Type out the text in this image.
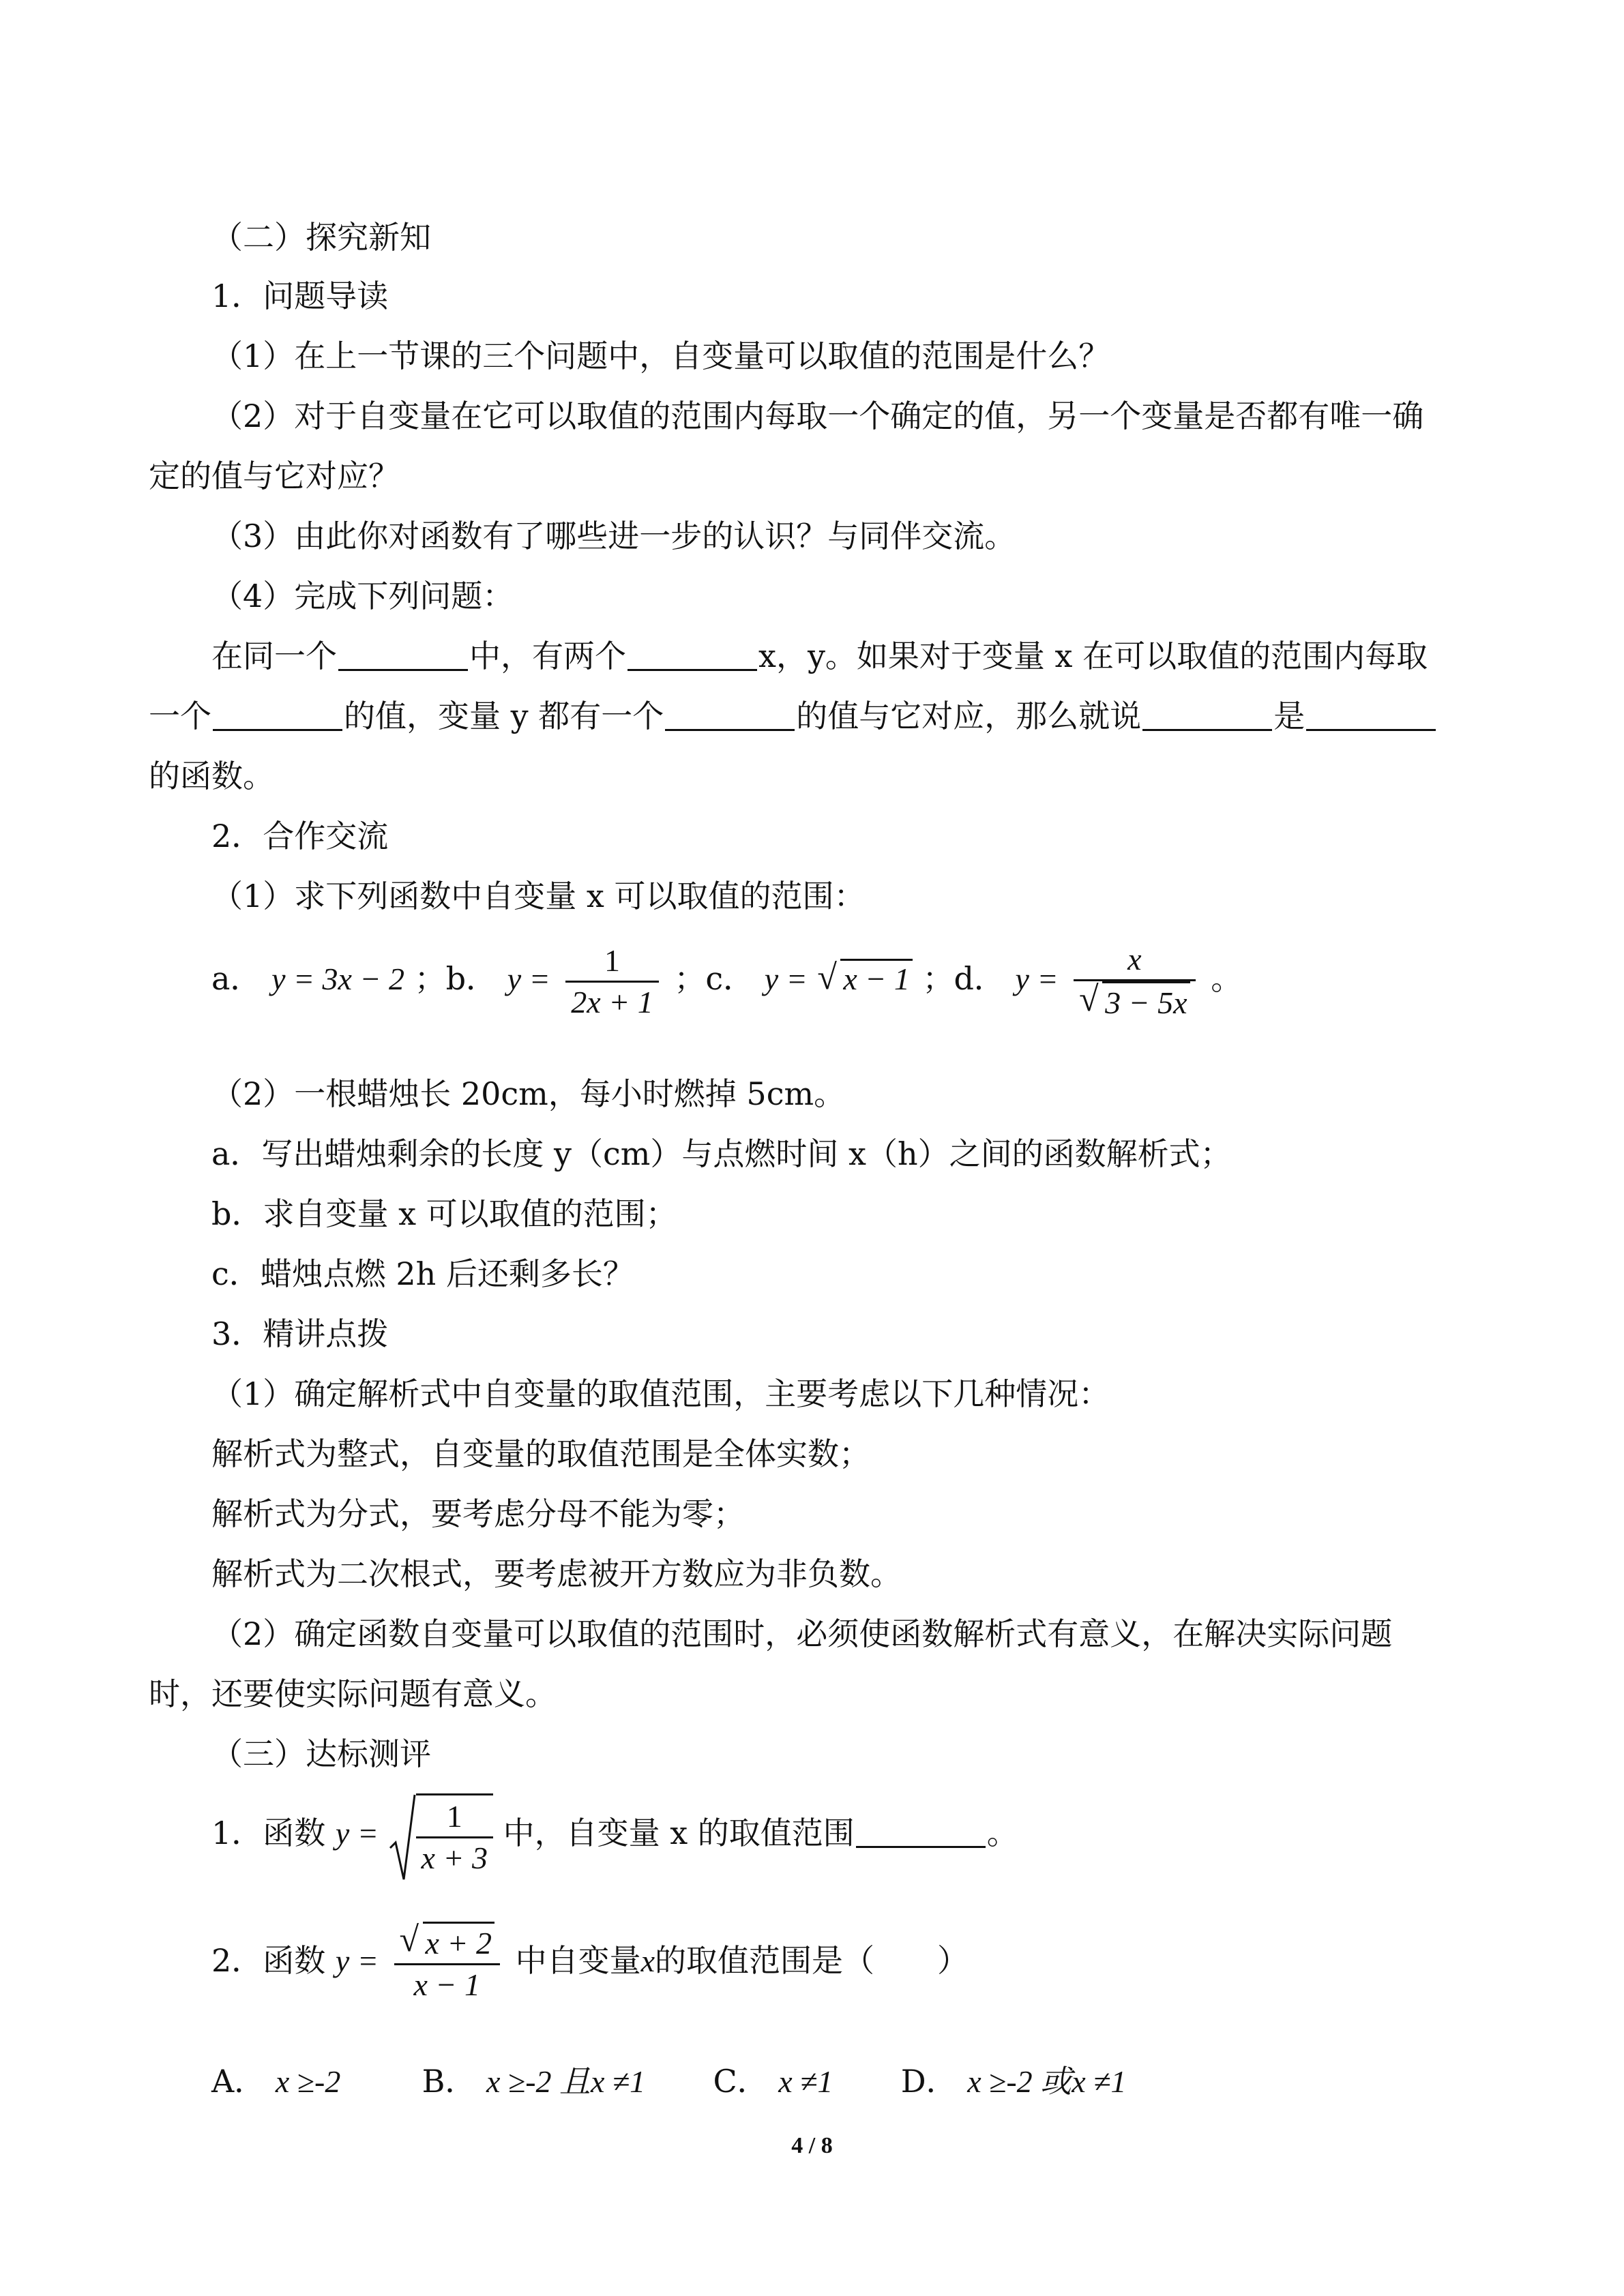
（二）探究新知
1．问题导读
（1）在上一节课的三个问题中，自变量可以取值的范围是什么？
（2）对于自变量在它可以取值的范围内每取一个确定的值，另一个变量是否都有唯一确
定的值与它对应？
（3）由此你对函数有了哪些进一步的认识？与同伴交流。
（4）完成下列问题：
在同一个	中，有两个	x，y。如果对于变量 x 在可以取值的范围内每取
一个	的值，变量 y 都有一个	的值与它对应，那么就说	是
的函数。
2．合作交流
（1）求下列函数中自变量 x 可以取值的范围：
a． y = 3x − 2 ；b． $y = \frac{1}{2x + 1}$ ；c． y = √ x − 1 ；d． $y = \frac{x}{√ 3 - 5x}$ 。
（2）一根蜡烛长 20cm，每小时燃掉 5cm。
a．写出蜡烛剩余的长度 y（cm）与点燃时间 x（h）之间的函数解析式；
b．求自变量 x 可以取值的范围；
c．蜡烛点燃 2h 后还剩多长？
3．精讲点拨
（1）确定解析式中自变量的取值范围，主要考虑以下几种情况：
解析式为整式，自变量的取值范围是全体实数；
解析式为分式，要考虑分母不能为零；
解析式为二次根式，要考虑被开方数应为非负数。
（2）确定函数自变量可以取值的范围时，必须使函数解析式有意义，在解决实际问题
时，还要使实际问题有意义。
（三）达标测评
1．函数 $y = \frac{1}{x + 3}$ 中，自变量 x 的取值范围	。
2．函数 $y = \frac{√ x + 2}{x - 1}$ 中自变量x的取值范围是（　　）
A． x ≥-2	B． x ≥-2 且x ≠1 C． x ≠1 D． x ≥-2 或x ≠1
4 / 8
